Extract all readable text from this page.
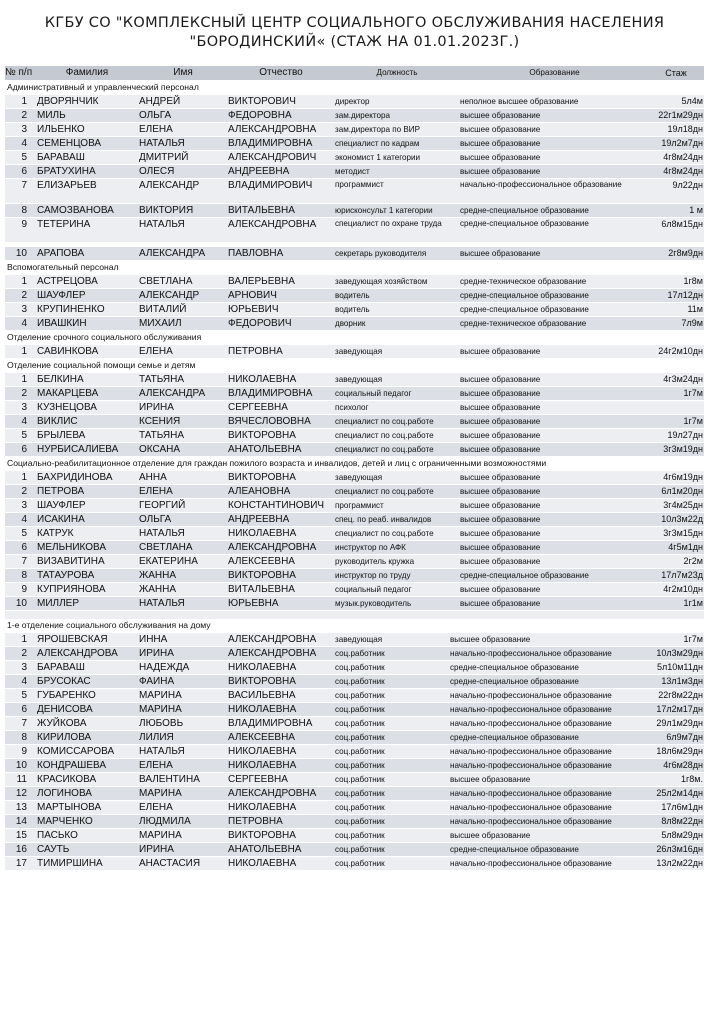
КГБУ СО "КОМПЛЕКСНЫЙ ЦЕНТР СОЦИАЛЬНОГО ОБСЛУЖИВАНИЯ НАСЕЛЕНИЯ
"БОРОДИНСКИЙ« (СТАЖ НА 01.01.2023Г.)
№ п/п	Фамилия	Имя	Отчество	Должность	Образование	Стаж
Административный и управленческий персонал
1	ДВОРЯНЧИК	АНДРЕЙ	ВИКТОРОВИЧ	директор	неполное высшее образование	5л4м
2	МИЛЬ	ОЛЬГА	ФЕДОРОВНА	зам.директора	высшее образование	22г1м29дн
3	ИЛЬЕНКО	ЕЛЕНА	АЛЕКСАНДРОВНА	зам.директора по ВИР	высшее образование	19л18дн
4	СЕМЕНЦОВА	НАТАЛЬЯ	ВЛАДИМИРОВНА	специалист по кадрам	высшее образование	19л2м7дн
5	БАРАВАШ	ДМИТРИЙ	АЛЕКСАНДРОВИЧ	экономист 1 категории	высшее образование	4г8м24дн
6	БРАТУХИНА	ОЛЕСЯ	АНДРЕЕВНА	методист	высшее образование	4г8м24дн
7	ЕЛИЗАРЬЕВ	АЛЕКСАНДР	ВЛАДИМИРОВИЧ	программист	начально-профессиональное образование	9л22дн
8	САМОЗВАНОВА	ВИКТОРИЯ	ВИТАЛЬЕВНА	юрисконсульт 1 категории	средне-специальное образование	1 м
9	ТЕТЕРИНА	НАТАЛЬЯ	АЛЕКСАНДРОВНА	специалист по охране труда	средне-специальное образование	6л8м15дн
10	АРАПОВА	АЛЕКСАНДРА	ПАВЛОВНА	секретарь руководителя	высшее образование	2г8м9дн
Вспомогательный персонал
1	АСТРЕЦОВА	СВЕТЛАНА	ВАЛЕРЬЕВНА	заведующая хозяйством	средне-техническое образование	1г8м
2	ШАУФЛЕР	АЛЕКСАНДР	АРНОВИЧ	водитель	средне-специальное образование	17л12дн
3	КРУПИНЕНКО	ВИТАЛИЙ	ЮРЬЕВИЧ	водитель	средне-специальное образование	11м
4	ИВАШКИН	МИХАИЛ	ФЕДОРОВИЧ	дворник	средне-техническое образование	7л9м
Отделение срочного социального обслуживания
1	САВИНКОВА	ЕЛЕНА	ПЕТРОВНА	заведующая	высшее образование	24г2м10дн
Отделение социальной помощи семье и детям
1	БЕЛКИНА	ТАТЬЯНА	НИКОЛАЕВНА	заведующая	высшее образование	4г3м24дн
2	МАКАРЦЕВА	АЛЕКСАНДРА	ВЛАДИМИРОВНА	социальный педагог	высшее образование	1г7м
3	КУЗНЕЦОВА	ИРИНА	СЕРГЕЕВНА	психолог	высшее образование
4	ВИКЛИС	КСЕНИЯ	ВЯЧЕСЛОВОВНА	специалист по соц.работе	высшее образование	1г7м
5	БРЫЛЕВА	ТАТЬЯНА	ВИКТОРОВНА	специалист по соц.работе	высшее образование	19л27дн
6	НУРБИСАЛИЕВА	ОКСАНА	АНАТОЛЬЕВНА	специалист по соц.работе	высшее образование	3г3м19дн
Социально-реабилитационное отделение для граждан пожилого возраста и инвалидов, детей и лиц с ограниченными возможностями
1	БАХРИДИНОВА	АННА	ВИКТОРОВНА	заведующая	высшее образование	4г6м19дн
2	ПЕТРОВА	ЕЛЕНА	АЛЕАНОВНА	специалист по соц.работе	высшее образование	6л1м20дн
3	ШАУФЛЕР	ГЕОРГИЙ	КОНСТАНТИНОВИЧ	программист	высшее образование	3г4м25дн
4	ИСАКИНА	ОЛЬГА	АНДРЕЕВНА	спец. по реаб. инвалидов	высшее образование	10л3м22д
5	КАТРУК	НАТАЛЬЯ	НИКОЛАЕВНА	специалист по соц.работе	высшее образование	3г3м15дн
6	МЕЛЬНИКОВА	СВЕТЛАНА	АЛЕКСАНДРОВНА	инструктор по АФК	высшее образование	4г5м1дн
7	ВИЗАВИТИНА	ЕКАТЕРИНА	АЛЕКСЕЕВНА	руководитель кружка	высшее образование	2г2м
8	ТАТАУРОВА	ЖАННА	ВИКТОРОВНА	инструктор по труду	средне-специальное образование	17л7м23д
9	КУПРИЯНОВА	ЖАННА	ВИТАЛЬЕВНА	социальный педагог	высшее образование	4г2м10дн
10	МИЛЛЕР	НАТАЛЬЯ	ЮРЬЕВНА	музык.руководитель	высшее образование	1г1м
1-е отделение социального обслуживания на дому
1	ЯРОШЕВСКАЯ	ИННА	АЛЕКСАНДРОВНА	заведующая	высшее образование	1г7м
2	АЛЕКСАНДРОВА	ИРИНА	АЛЕКСАНДРОВНА	соц.работник	начально-профессиональное образование	10л3м29дн
3	БАРАВАШ	НАДЕЖДА	НИКОЛАЕВНА	соц.работник	средне-специальное образование	5л10м11дн
4	БРУСОКАС	ФАИНА	ВИКТОРОВНА	соц.работник	средне-специальное образование	13л1м3дн
5	ГУБАРЕНКО	МАРИНА	ВАСИЛЬЕВНА	соц.работник	начально-профессиональное образование	22г8м22дн
6	ДЕНИСОВА	МАРИНА	НИКОЛАЕВНА	соц.работник	начально-профессиональное образование	17л2м17дн
7	ЖУЙКОВА	ЛЮБОВЬ	ВЛАДИМИРОВНА	соц.работник	начально-профессиональное образование	29л1м29дн
8	КИРИЛОВА	ЛИЛИЯ	АЛЕКСЕЕВНА	соц.работник	средне-специальное образование	6л9м7дн
9	КОМИССАРОВА	НАТАЛЬЯ	НИКОЛАЕВНА	соц.работник	начально-профессиональное образование	18л6м29дн
10	КОНДРАШЕВА	ЕЛЕНА	НИКОЛАЕВНА	соц.работник	начально-профессиональное образование	4г6м28дн
11	КРАСИКОВА	ВАЛЕНТИНА	СЕРГЕЕВНА	соц.работник	высшее образование	1г8м.
12	ЛОГИНОВА	МАРИНА	АЛЕКСАНДРОВНА	соц.работник	начально-профессиональное образование	25л2м14дн
13	МАРТЫНОВА	ЕЛЕНА	НИКОЛАЕВНА	соц.работник	начально-профессиональное образование	17л6м1дн
14	МАРЧЕНКО	ЛЮДМИЛА	ПЕТРОВНА	соц.работник	начально-профессиональное образование	8л8м22дн
15	ПАСЬКО	МАРИНА	ВИКТОРОВНА	соц.работник	высшее образование	5л8м29дн
16	САУТЬ	ИРИНА	АНАТОЛЬЕВНА	соц.работник	средне-специальное образование	26л3м16дн
17	ТИМИРШИНА	АНАСТАСИЯ	НИКОЛАЕВНА	соц.работник	начально-профессиональное образование	13л2м22дн
